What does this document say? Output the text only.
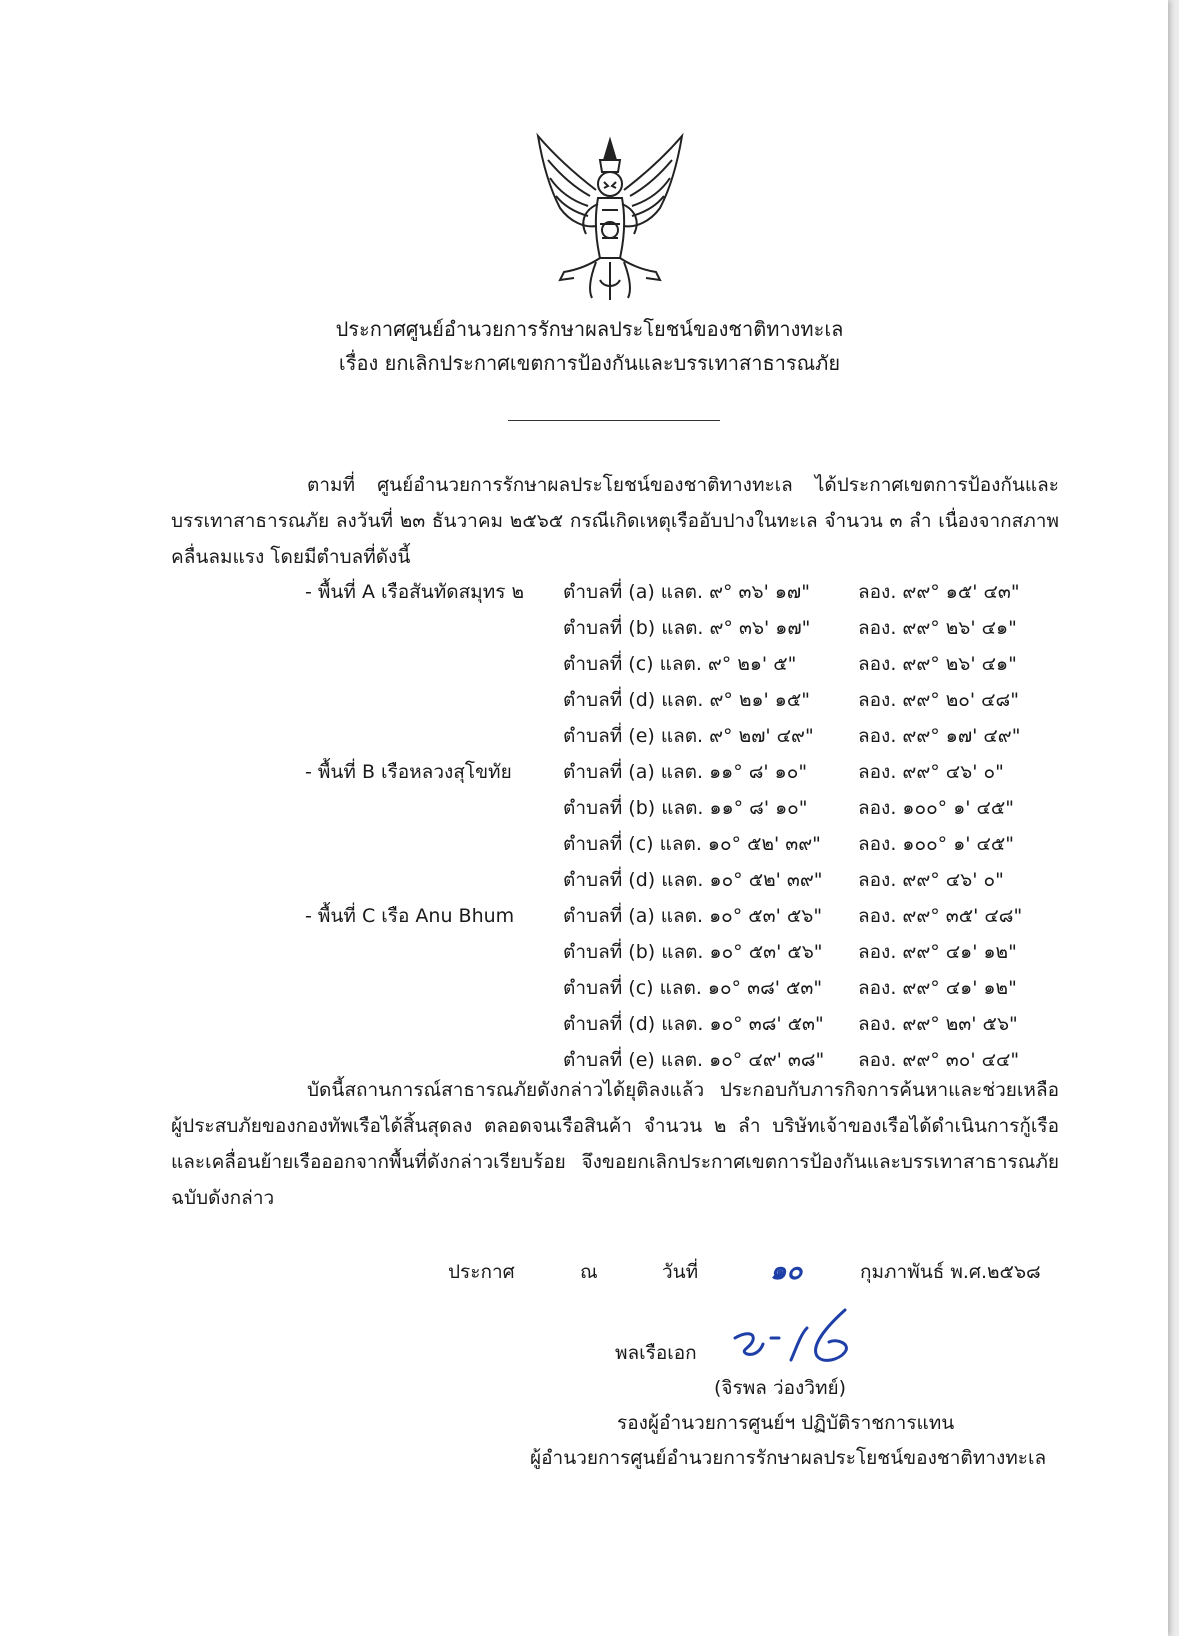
ประกาศศูนย์อำนวยการรักษาผลประโยชน์ของชาติทางทะเล
เรื่อง ยกเลิกประกาศเขตการป้องกันและบรรเทาสาธารณภัย
ตามที่ ศูนย์อำนวยการรักษาผลประโยชน์ของชาติทางทะเล ได้ประกาศเขตการป้องกันและบรรเทาสาธารณภัย ลงวันที่ ๒๓ ธันวาคม ๒๕๖๕ กรณีเกิดเหตุเรืออับปางในทะเล จำนวน ๓ ลำ เนื่องจากสภาพคลื่นลมแรง โดยมีตำบลที่ดังนี้
- พื้นที่ A เรือสันทัดสมุทร ๒ ตำบลที่ (a) แลต. ๙° ๓๖' ๑๗"	ลอง. ๙๙° ๑๕' ๔๓"
ตำบลที่ (b) แลต. ๙° ๓๖' ๑๗"	ลอง. ๙๙° ๒๖' ๔๑"
ตำบลที่ (c) แลต. ๙° ๒๑' ๕"	ลอง. ๙๙° ๒๖' ๔๑"
ตำบลที่ (d) แลต. ๙° ๒๑' ๑๕"	ลอง. ๙๙° ๒๐' ๔๘"
ตำบลที่ (e) แลต. ๙° ๒๗' ๔๙" ลอง. ๙๙° ๑๗' ๔๙"
- พื้นที่ B เรือหลวงสุโขทัย	ตำบลที่ (a) แลต. ๑๑° ๘' ๑๐"	ลอง. ๙๙° ๔๖' ๐"
ตำบลที่ (b) แลต. ๑๑° ๘' ๑๐"	ลอง. ๑๐๐° ๑' ๔๕"
ตำบลที่ (c) แลต. ๑๐° ๕๒' ๓๙" ลอง. ๑๐๐° ๑' ๔๕"
ตำบลที่ (d) แลต. ๑๐° ๕๒' ๓๙" ลอง. ๙๙° ๔๖' ๐"
- พื้นที่ C เรือ Anu Bhum	ตำบลที่ (a) แลต. ๑๐° ๕๓' ๕๖" ลอง. ๙๙° ๓๕' ๔๘"
ตำบลที่ (b) แลต. ๑๐° ๕๓' ๕๖" ลอง. ๙๙° ๔๑' ๑๒"
ตำบลที่ (c) แลต. ๑๐° ๓๘' ๕๓" ลอง. ๙๙° ๔๑' ๑๒"
ตำบลที่ (d) แลต. ๑๐° ๓๘' ๕๓" ลอง. ๙๙° ๒๓' ๕๖"
ตำบลที่ (e) แลต. ๑๐° ๔๙' ๓๘" ลอง. ๙๙° ๓๐' ๔๔"
บัดนี้สถานการณ์สาธารณภัยดังกล่าวได้ยุติลงแล้ว ประกอบกับภารกิจการค้นหาและช่วยเหลือผู้ประสบภัยของกองทัพเรือได้สิ้นสุดลง ตลอดจนเรือสินค้า จำนวน ๒ ลำ บริษัทเจ้าของเรือได้ดำเนินการกู้เรือและเคลื่อนย้ายเรือออกจากพื้นที่ดังกล่าวเรียบร้อย จึงขอยกเลิกประกาศเขตการป้องกันและบรรเทาสาธารณภัยฉบับดังกล่าว
ประกาศ	ณ	วันที่	๑๐	กุมภาพันธ์ พ.ศ.๒๕๖๘
พลเรือเอก
(จิรพล ว่องวิทย์)
รองผู้อำนวยการศูนย์ฯ ปฏิบัติราชการแทน
ผู้อำนวยการศูนย์อำนวยการรักษาผลประโยชน์ของชาติทางทะเล
